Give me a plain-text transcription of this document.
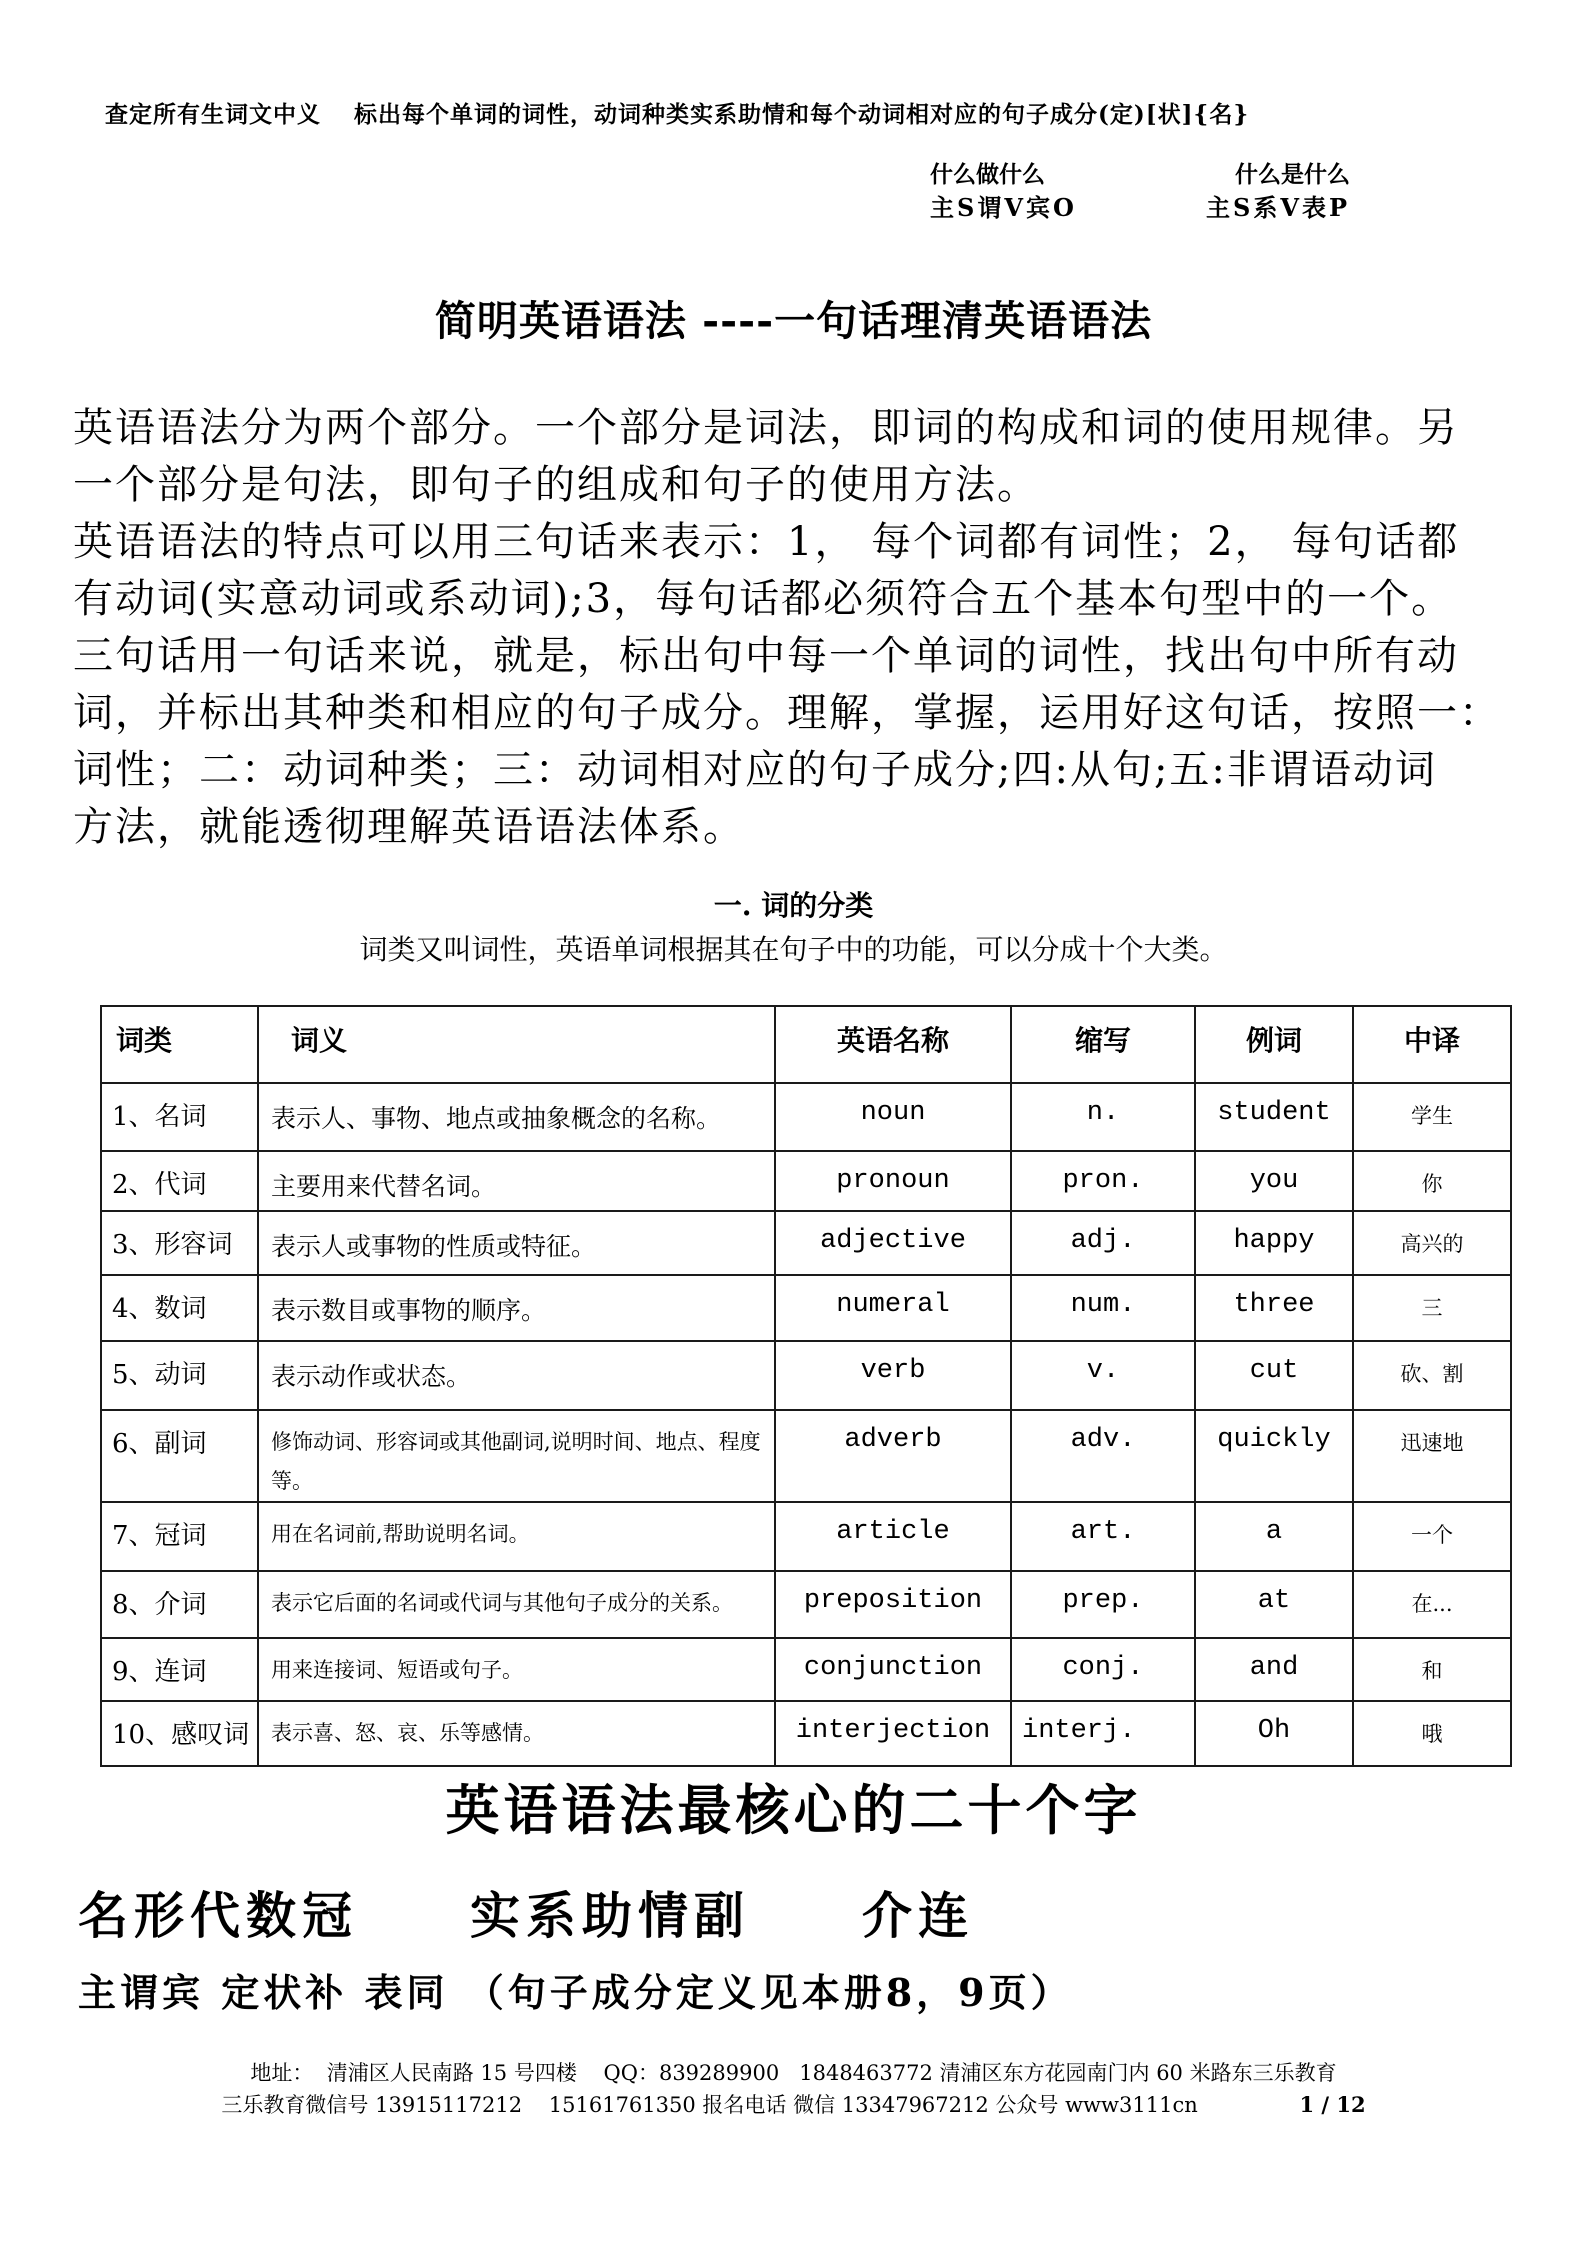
查定所有生词文中义　 标出每个单词的词性，动词种类实系助情和每个动词相对应的句子成分(定)[状]{名}
什么做什么	什么是什么
主S谓V宾O	主S系V表P
简明英语语法 ----一句话理清英语语法
英语语法分为两个部分。一个部分是词法，即词的构成和词的使用规律。另
一个部分是句法，即句子的组成和句子的使用方法。
英语语法的特点可以用三句话来表示：1， 每个词都有词性；2， 每句话都
有动词(实意动词或系动词);3，每句话都必须符合五个基本句型中的一个。
三句话用一句话来说，就是，标出句中每一个单词的词性，找出句中所有动
词，并标出其种类和相应的句子成分。理解，掌握，运用好这句话，按照一：
词性；二：动词种类；三：动词相对应的句子成分;四:从句;五:非谓语动词
方法，就能透彻理解英语语法体系。
一. 词的分类
词类又叫词性，英语单词根据其在句子中的功能，可以分成十个大类。
词类	词义	英语名称	缩写	例词	中译
1、名词	表示人、事物、地点或抽象概念的名称。	noun	n.	student	学生
2、代词	主要用来代替名词。	pronoun	pron.	you	你
3、形容词	表示人或事物的性质或特征。	adjective	adj.	happy	高兴的
4、数词	表示数目或事物的顺序。	numeral	num.	three	三
5、动词	表示动作或状态。	verb	v.	cut	砍、割
6、副词	修饰动词、形容词或其他副词,说明时间、地点、程度等。	adverb	adv.	quickly	迅速地
7、冠词	用在名词前,帮助说明名词。	article	art.	a	一个
8、介词	表示它后面的名词或代词与其他句子成分的关系。	preposition	prep.	at	在...
9、连词	用来连接词、短语或句子。	conjunction	conj.	and	和
10、感叹词	表示喜、怒、哀、乐等感情。	interjection	interj.	Oh	哦
英语语法最核心的二十个字
名形代数冠　　实系助情副　　介连
主谓宾 定状补 表同 （句子成分定义见本册8，9页）
地址：  清浦区人民南路 15 号四楼    QQ：839289900   1848463772 清浦区东方花园南门内 60 米路东三乐教育
三乐教育微信号 13915117212    15161761350 报名电话 微信 13347967212 公众号 www3111cn	1 / 12
